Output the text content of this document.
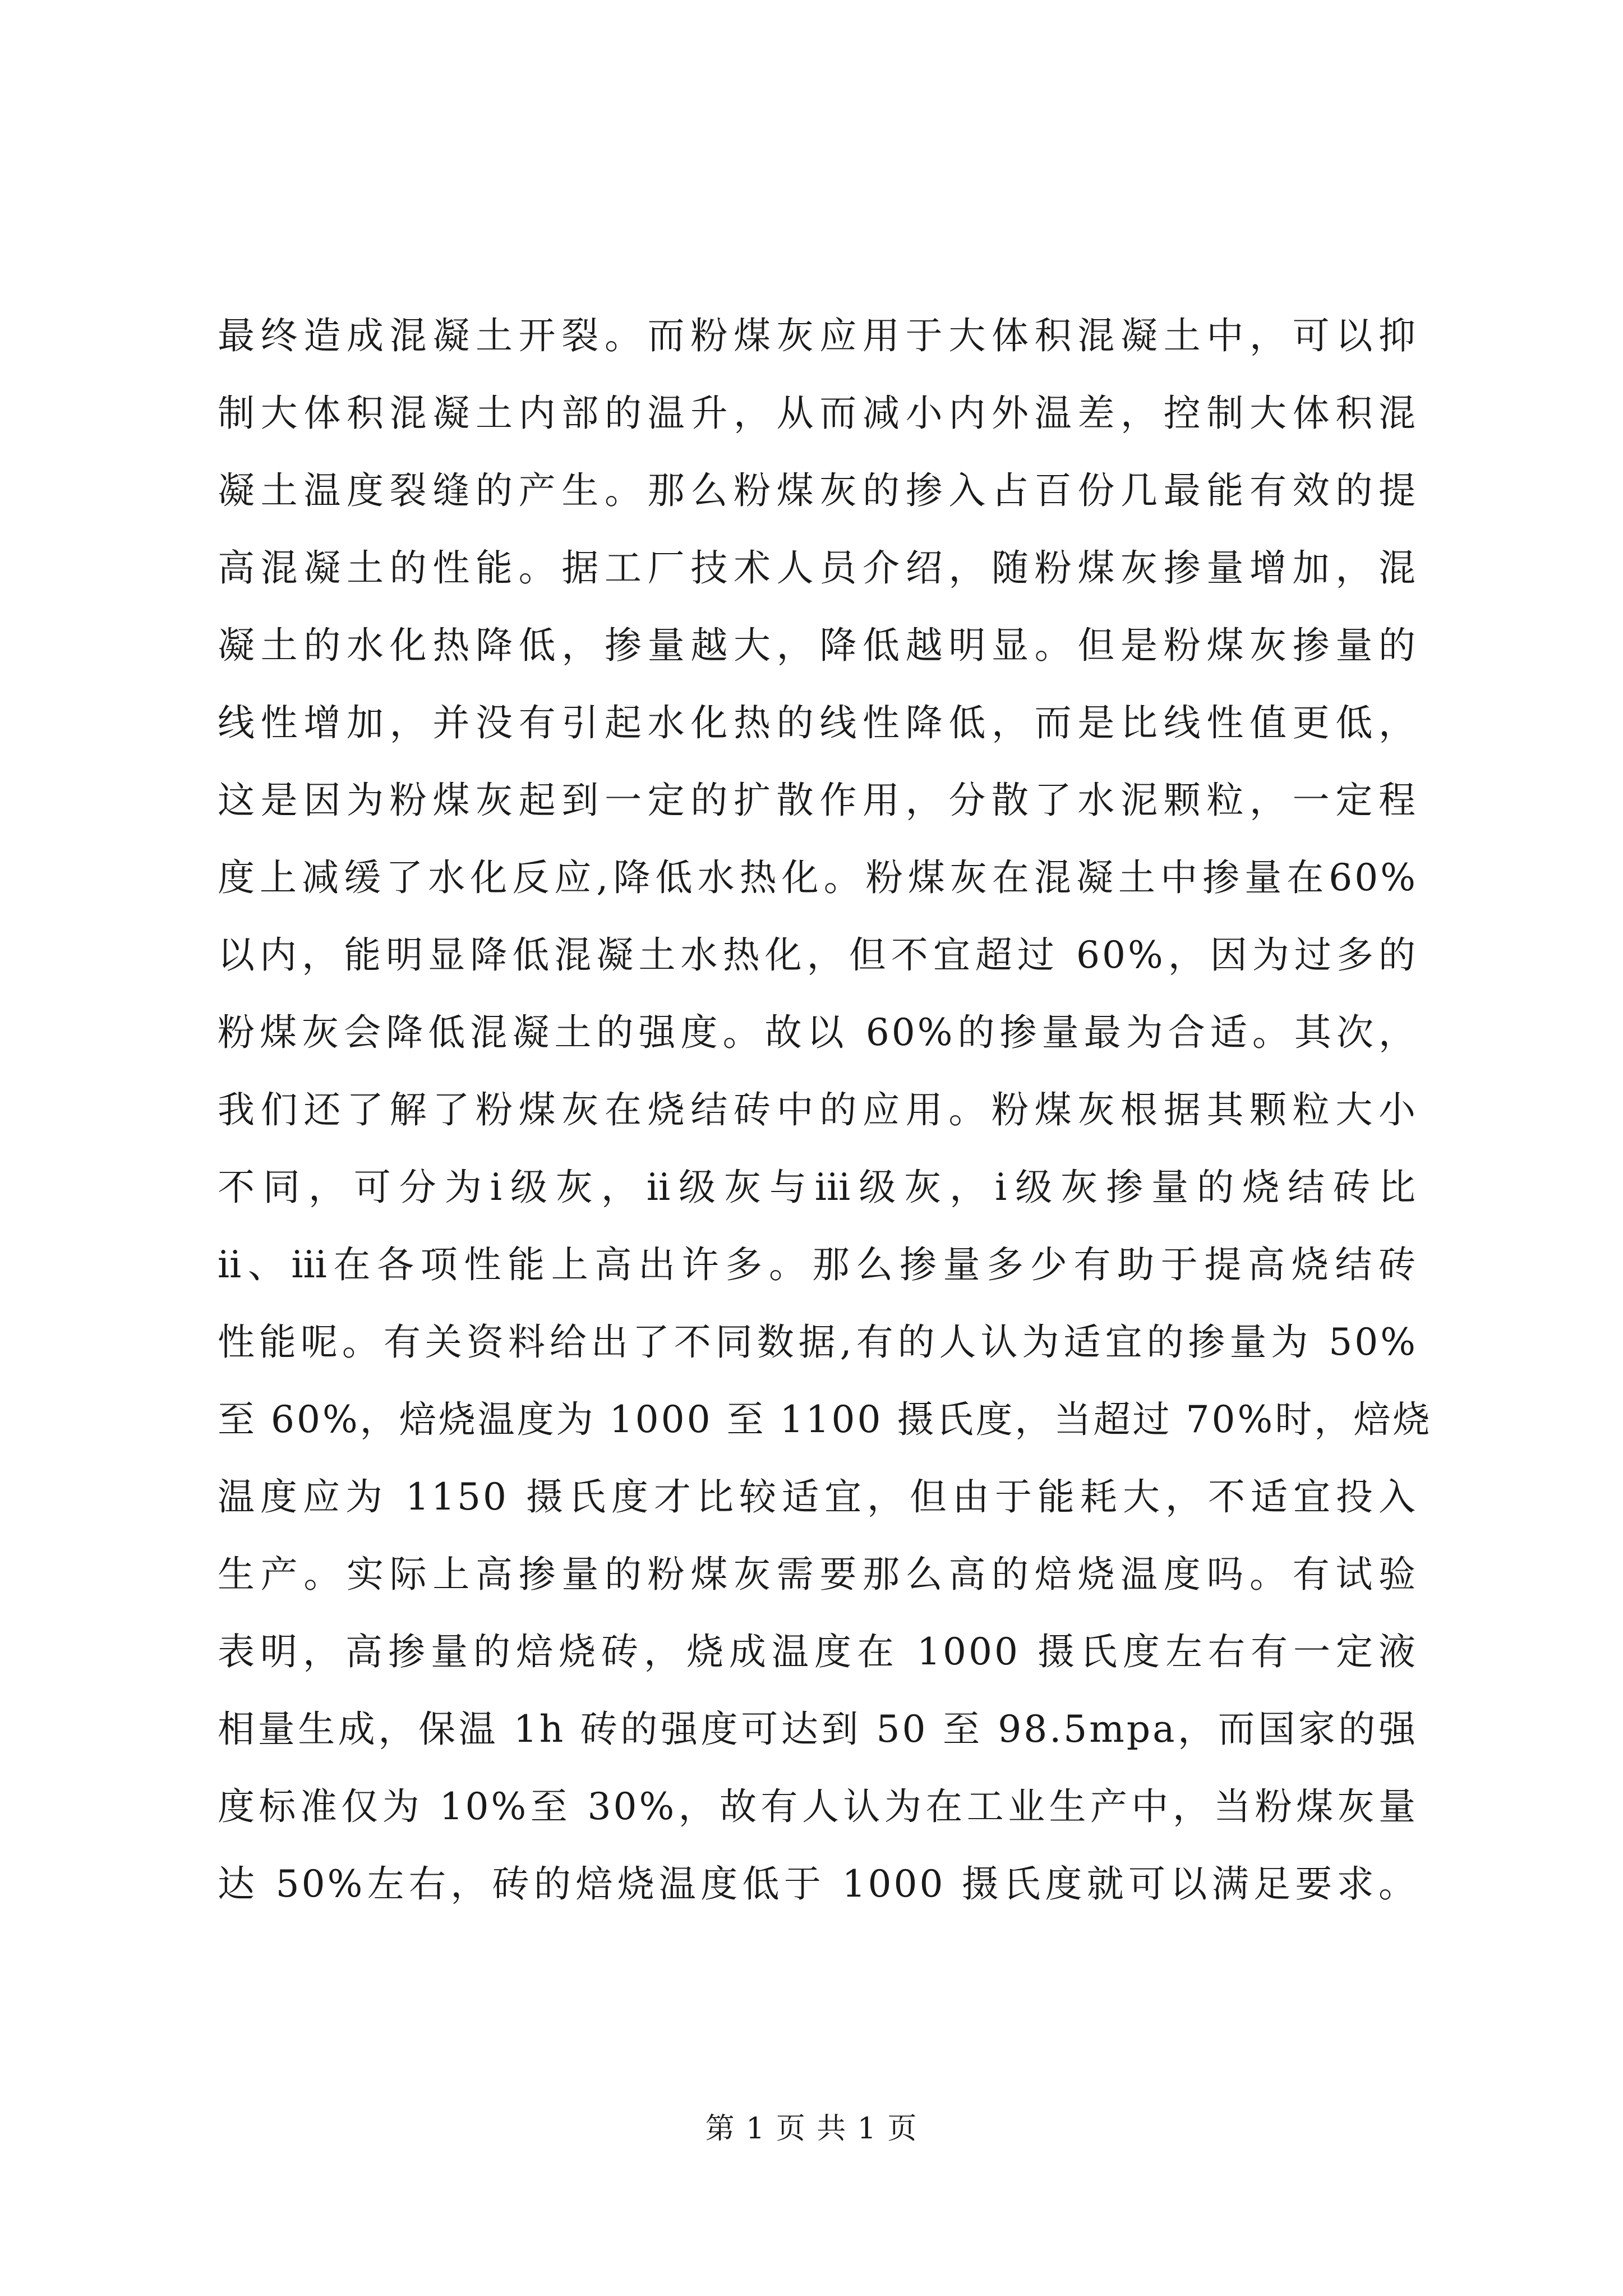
最终造成混凝土开裂。而粉煤灰应用于大体积混凝土中，可以抑
制大体积混凝土内部的温升，从而减小内外温差，控制大体积混
凝土温度裂缝的产生。那么粉煤灰的掺入占百份几最能有效的提
高混凝土的性能。据工厂技术人员介绍，随粉煤灰掺量增加，混
凝土的水化热降低，掺量越大，降低越明显。但是粉煤灰掺量的
线性增加，并没有引起水化热的线性降低，而是比线性值更低，
这是因为粉煤灰起到一定的扩散作用，分散了水泥颗粒，一定程
度上减缓了水化反应,降低水热化。粉煤灰在混凝土中掺量在60%
以内，能明显降低混凝土水热化，但不宜超过 60%，因为过多的
粉煤灰会降低混凝土的强度。故以 60%的掺量最为合适。其次，
我们还了解了粉煤灰在烧结砖中的应用。粉煤灰根据其颗粒大小
不同，可分为ⅰ级灰，ⅱ级灰与ⅲ级灰，ⅰ级灰掺量的烧结砖比
ⅱ、ⅲ在各项性能上高出许多。那么掺量多少有助于提高烧结砖
性能呢。有关资料给出了不同数据,有的人认为适宜的掺量为 50%
至 60%，焙烧温度为 1000 至 1100 摄氏度，当超过 70%时，焙烧
温度应为 1150 摄氏度才比较适宜，但由于能耗大，不适宜投入
生产。实际上高掺量的粉煤灰需要那么高的焙烧温度吗。有试验
表明，高掺量的焙烧砖，烧成温度在 1000 摄氏度左右有一定液
相量生成，保温 1h 砖的强度可达到 50 至 98.5mpa，而国家的强
度标准仅为 10%至 30%，故有人认为在工业生产中，当粉煤灰量
达 50%左右，砖的焙烧温度低于 1000 摄氏度就可以满足要求。
第 1 页 共 1 页
